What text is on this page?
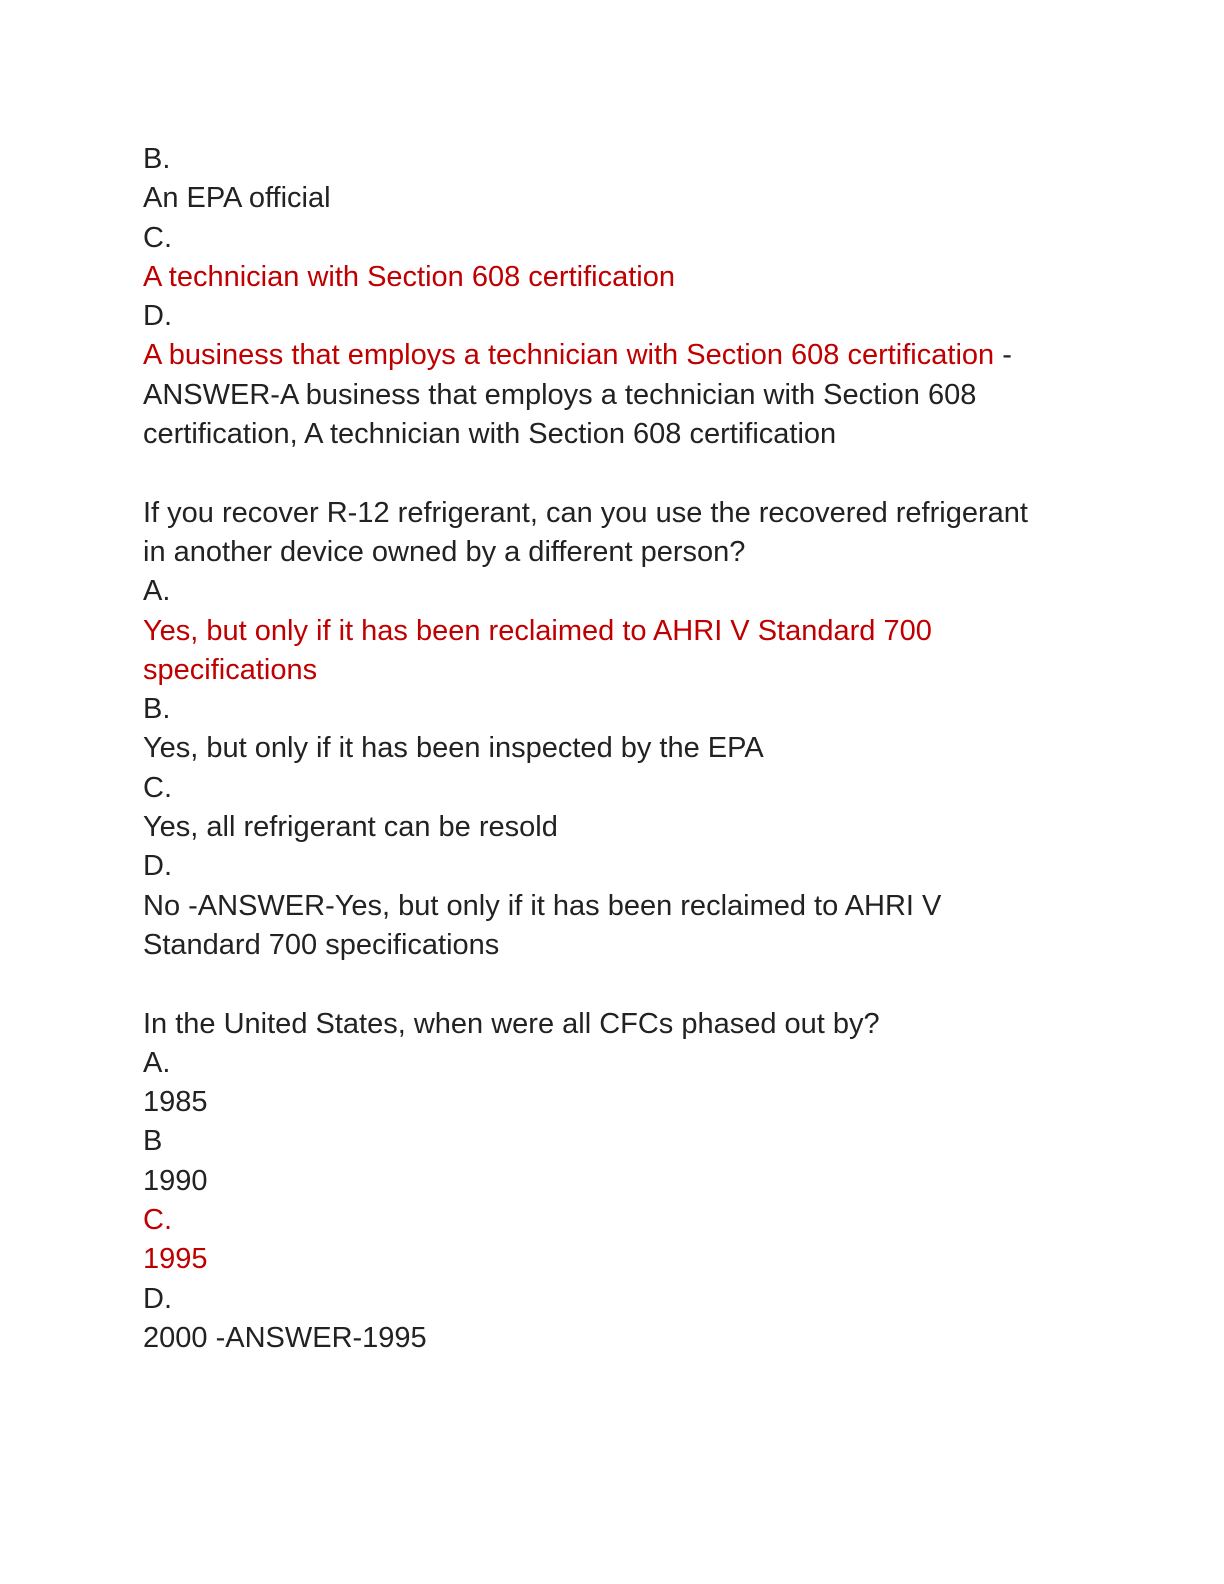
B.
An EPA official
C.
A technician with Section 608 certification
D.
A business that employs a technician with Section 608 certification -
ANSWER-A business that employs a technician with Section 608
certification, A technician with Section 608 certification
If you recover R-12 refrigerant, can you use the recovered refrigerant
in another device owned by a different person?
A.
Yes, but only if it has been reclaimed to AHRI V Standard 700
specifications
B.
Yes, but only if it has been inspected by the EPA
C.
Yes, all refrigerant can be resold
D.
No -ANSWER-Yes, but only if it has been reclaimed to AHRI V
Standard 700 specifications
In the United States, when were all CFCs phased out by?
A.
1985
B
1990
C.
1995
D.
2000 -ANSWER-1995
